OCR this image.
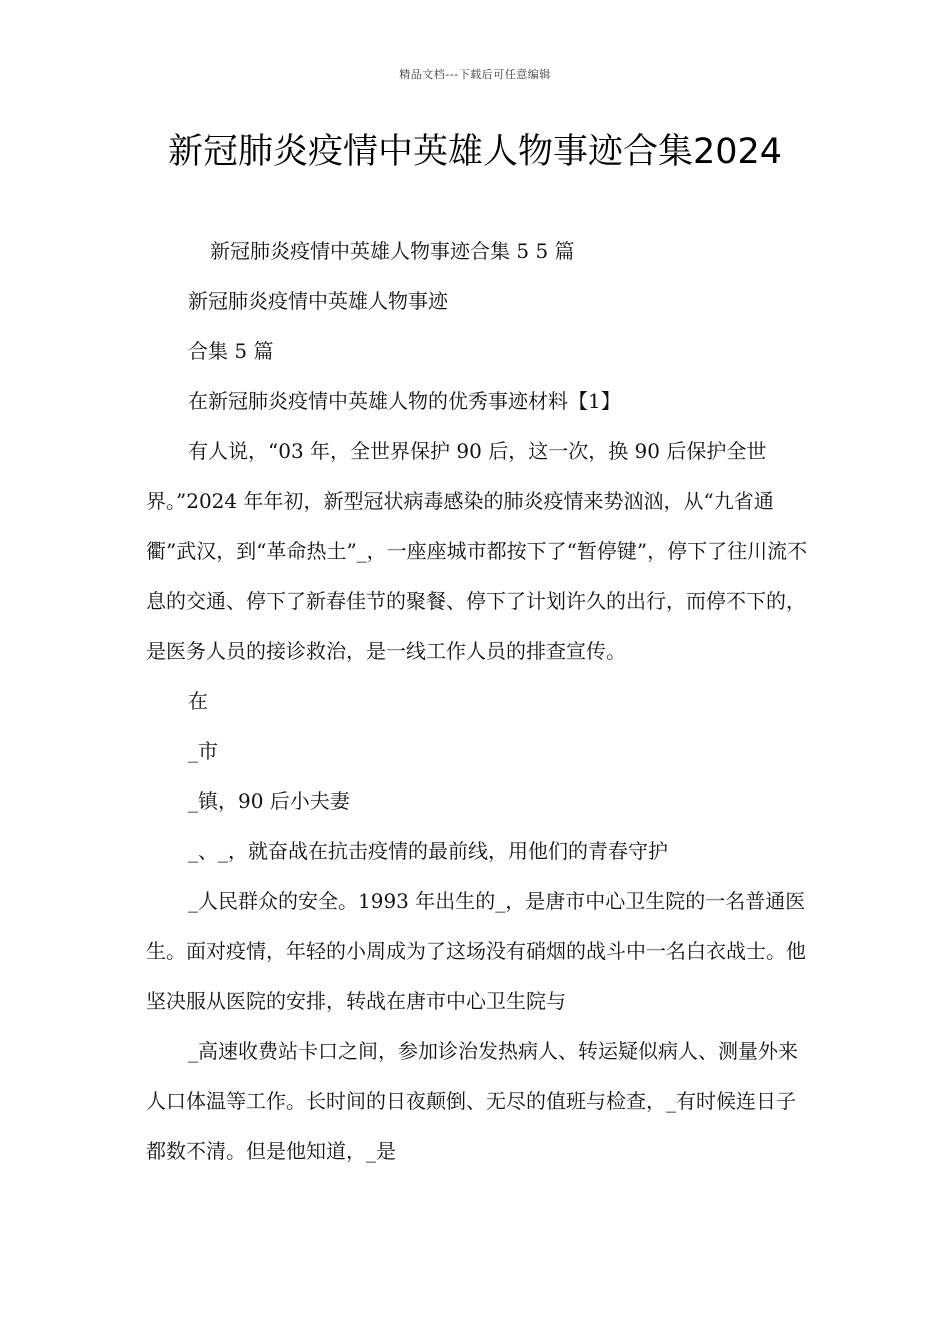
精品文档---下载后可任意编辑
新冠肺炎疫情中英雄人物事迹合集2024

新冠肺炎疫情中英雄人物事迹合集 5 5 篇

新冠肺炎疫情中英雄人物事迹

合集 5 篇

在新冠肺炎疫情中英雄人物的优秀事迹材料【1】

有人说，“03 年，全世界保护 90 后，这一次，换 90 后保护全世界。”2024 年年初，新型冠状病毒感染的肺炎疫情来势汹汹，从“九省通衢”武汉，到“革命热土”_，一座座城市都按下了“暂停键”，停下了往川流不息的交通、停下了新春佳节的聚餐、停下了计划许久的出行，而停不下的，是医务人员的接诊救治，是一线工作人员的排查宣传。

在

_市

_镇，90 后小夫妻

_、_，就奋战在抗击疫情的最前线，用他们的青春守护

_人民群众的安全。1993 年出生的_，是唐市中心卫生院的一名普通医生。面对疫情，年轻的小周成为了这场没有硝烟的战斗中一名白衣战士。他坚决服从医院的安排，转战在唐市中心卫生院与

_高速收费站卡口之间，参加诊治发热病人、转运疑似病人、测量外来人口体温等工作。长时间的日夜颠倒、无尽的值班与检查，_有时候连日子都数不清。但是他知道，_是
